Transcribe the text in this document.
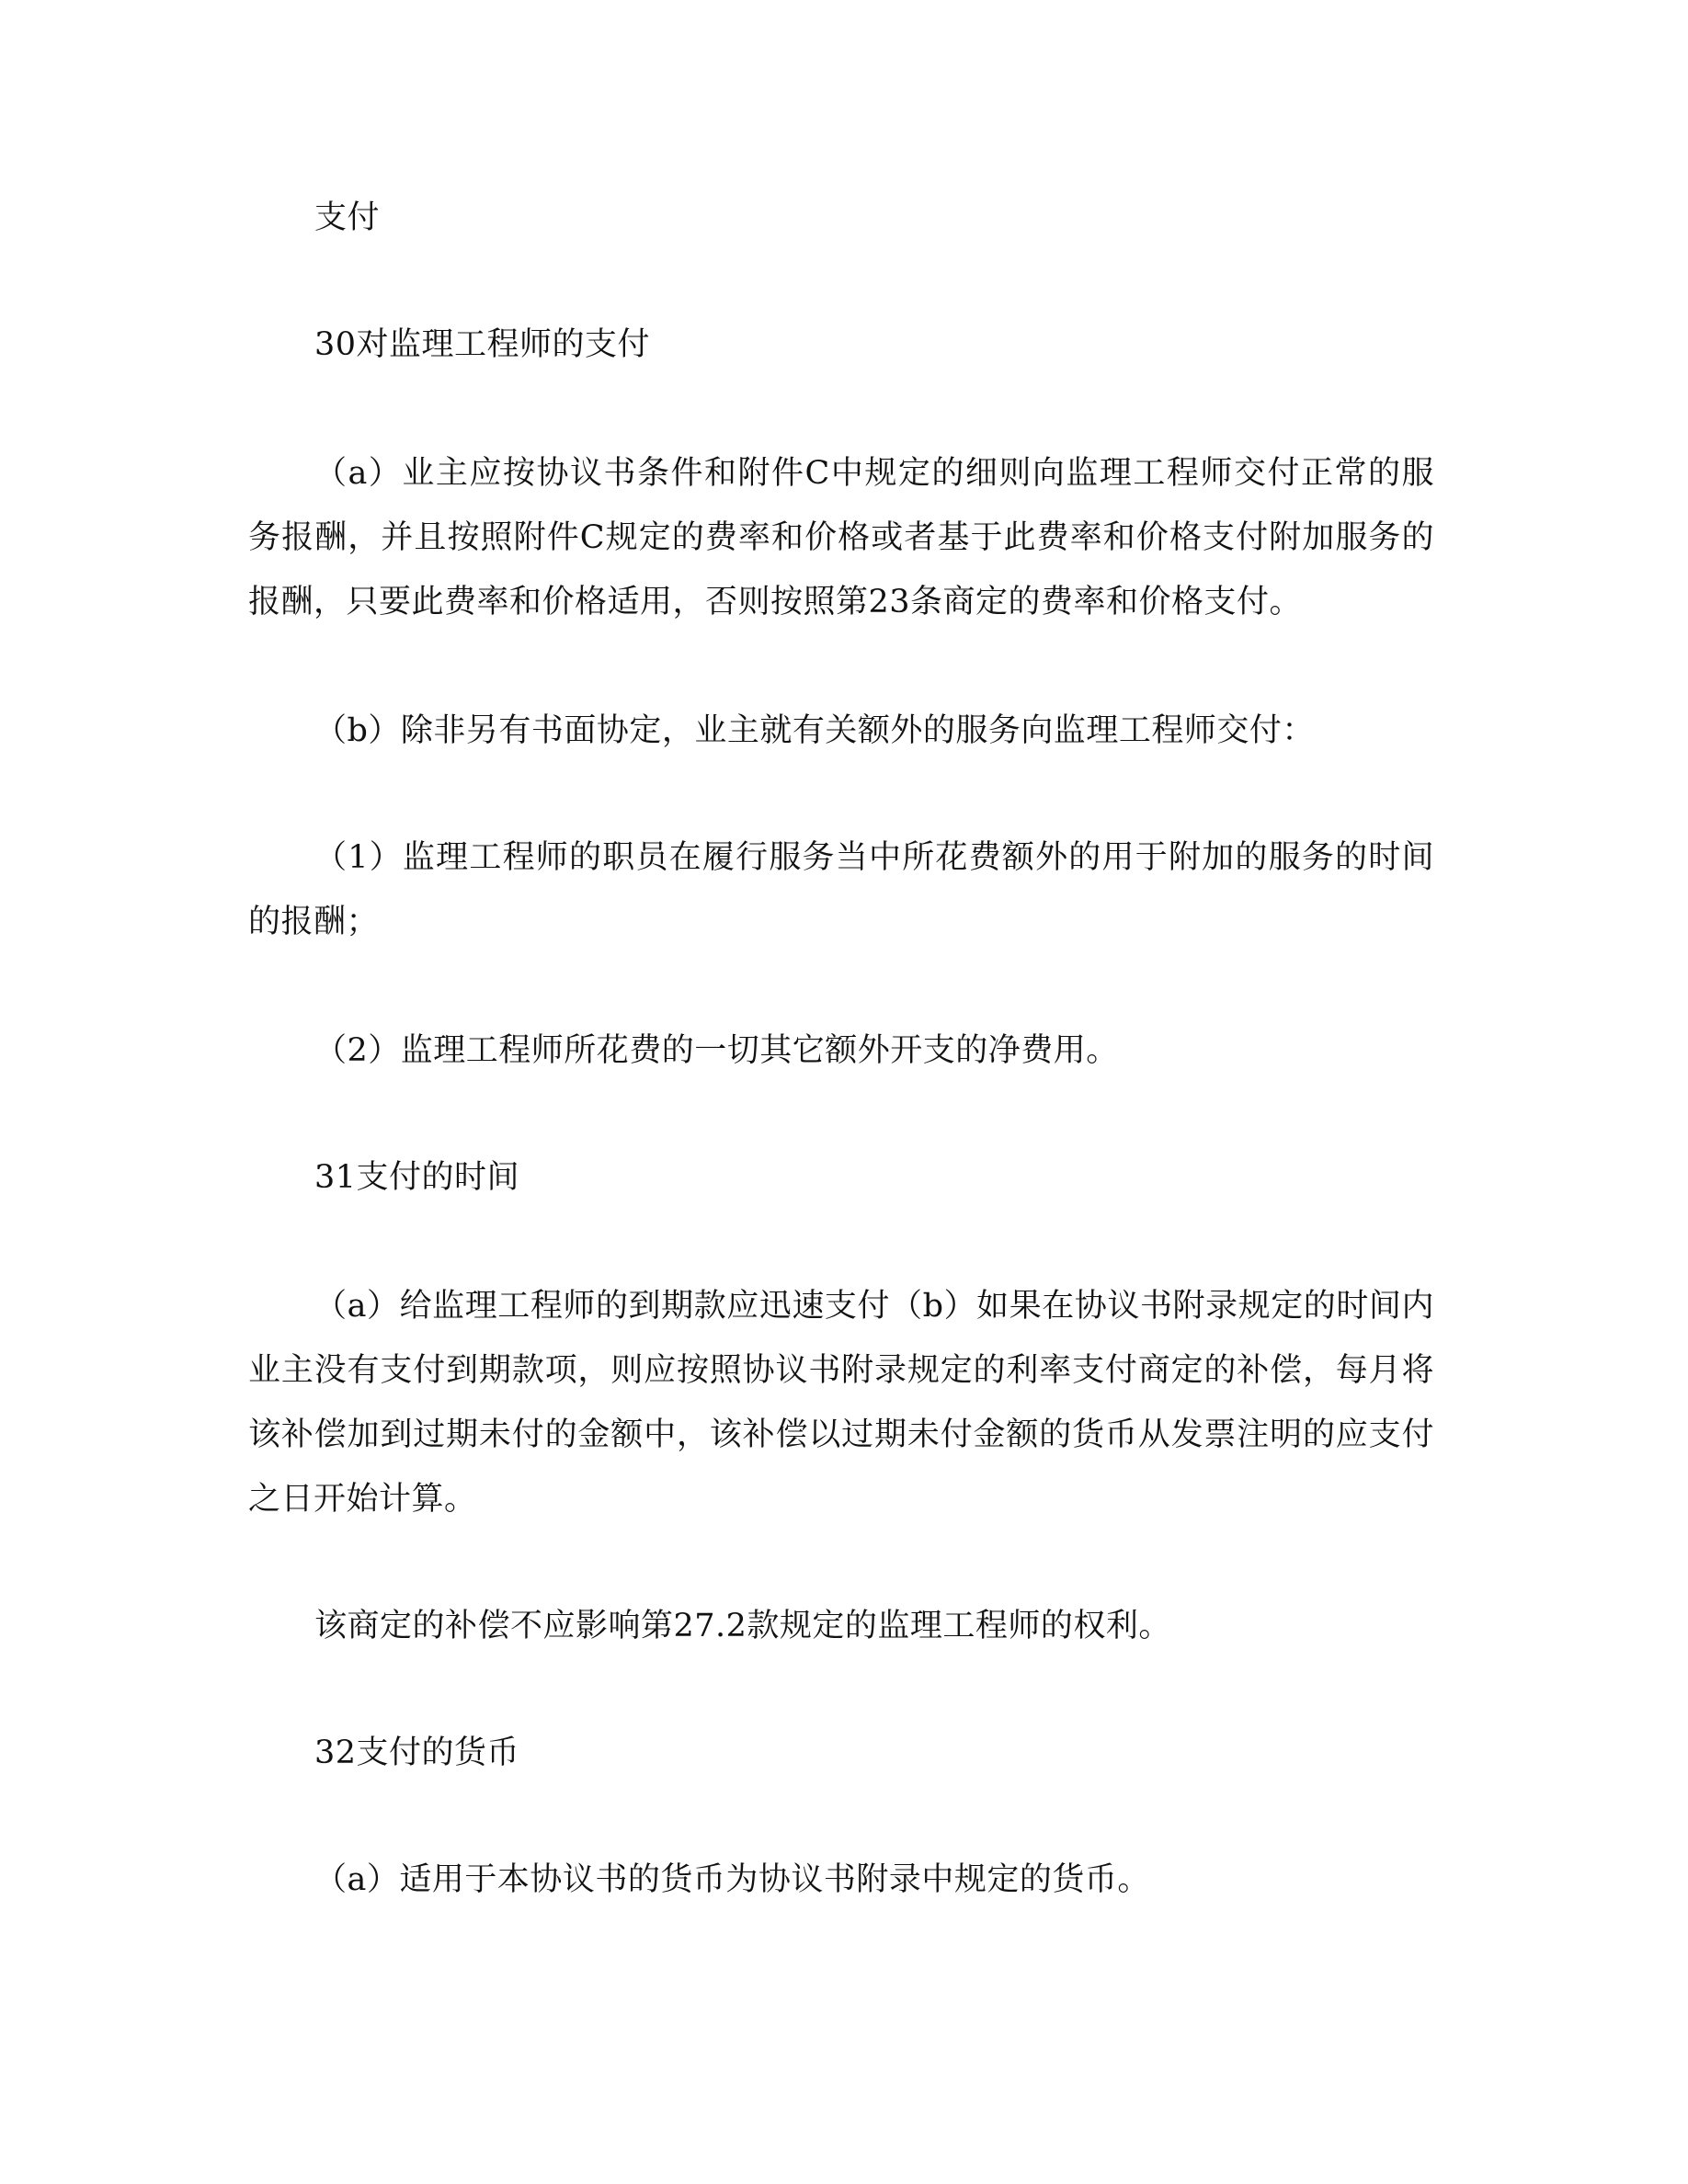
支付

30对监理工程师的支付

（a）业主应按协议书条件和附件C中规定的细则向监理工程师交付正常的服务报酬，并且按照附件C规定的费率和价格或者基于此费率和价格支付附加服务的报酬，只要此费率和价格适用，否则按照第23条商定的费率和价格支付。

（b）除非另有书面协定，业主就有关额外的服务向监理工程师交付：

（1）监理工程师的职员在履行服务当中所花费额外的用于附加的服务的时间的报酬；

（2）监理工程师所花费的一切其它额外开支的净费用。

31支付的时间

（a）给监理工程师的到期款应迅速支付（b）如果在协议书附录规定的时间内业主没有支付到期款项，则应按照协议书附录规定的利率支付商定的补偿，每月将该补偿加到过期未付的金额中，该补偿以过期未付金额的货币从发票注明的应支付之日开始计算。

该商定的补偿不应影响第27.2款规定的监理工程师的权利。

32支付的货币

（a）适用于本协议书的货币为协议书附录中规定的货币。
